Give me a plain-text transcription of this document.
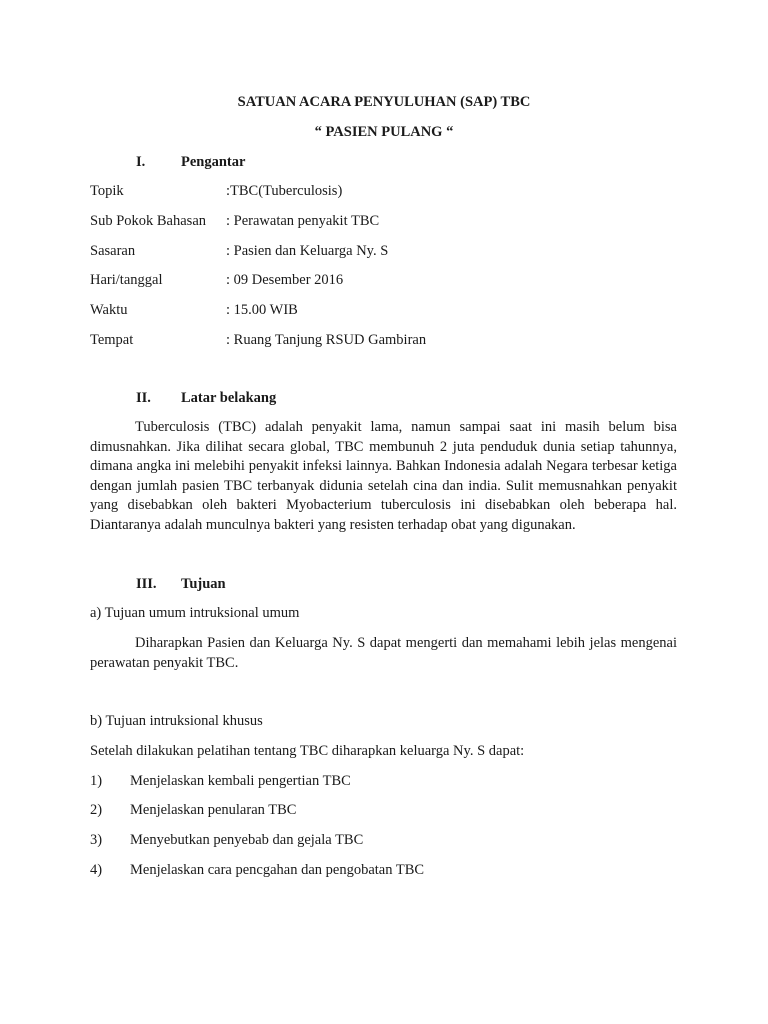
SATUAN ACARA PENYULUHAN (SAP) TBC
“ PASIEN PULANG “
I. Pengantar
Topik	:TBC(Tuberculosis)
Sub Pokok Bahasan : Perawatan penyakit TBC
Sasaran	: Pasien dan Keluarga Ny. S
Hari/tanggal	: 09 Desember 2016
Waktu	: 15.00 WIB
Tempat	: Ruang Tanjung RSUD Gambiran
II. Latar belakang
Tuberculosis (TBC) adalah penyakit lama, namun sampai saat ini masih belum bisa dimusnahkan. Jika dilihat secara global, TBC membunuh 2 juta penduduk dunia setiap tahunnya, dimana angka ini melebihi penyakit infeksi lainnya. Bahkan Indonesia adalah Negara terbesar ketiga dengan jumlah pasien TBC terbanyak didunia setelah cina dan india. Sulit memusnahkan penyakit yang disebabkan oleh bakteri Myobacterium tuberculosis ini disebabkan oleh beberapa hal. Diantaranya adalah munculnya bakteri yang resisten terhadap obat yang digunakan.
III. Tujuan
a) Tujuan umum intruksional umum
Diharapkan Pasien dan Keluarga Ny. S dapat mengerti dan memahami lebih jelas mengenai perawatan penyakit TBC.
b) Tujuan intruksional khusus
Setelah dilakukan pelatihan tentang TBC diharapkan keluarga Ny. S dapat:
1) Menjelaskan kembali pengertian TBC
2) Menjelaskan penularan TBC
3) Menyebutkan penyebab dan gejala TBC
4) Menjelaskan cara pencgahan dan pengobatan TBC
